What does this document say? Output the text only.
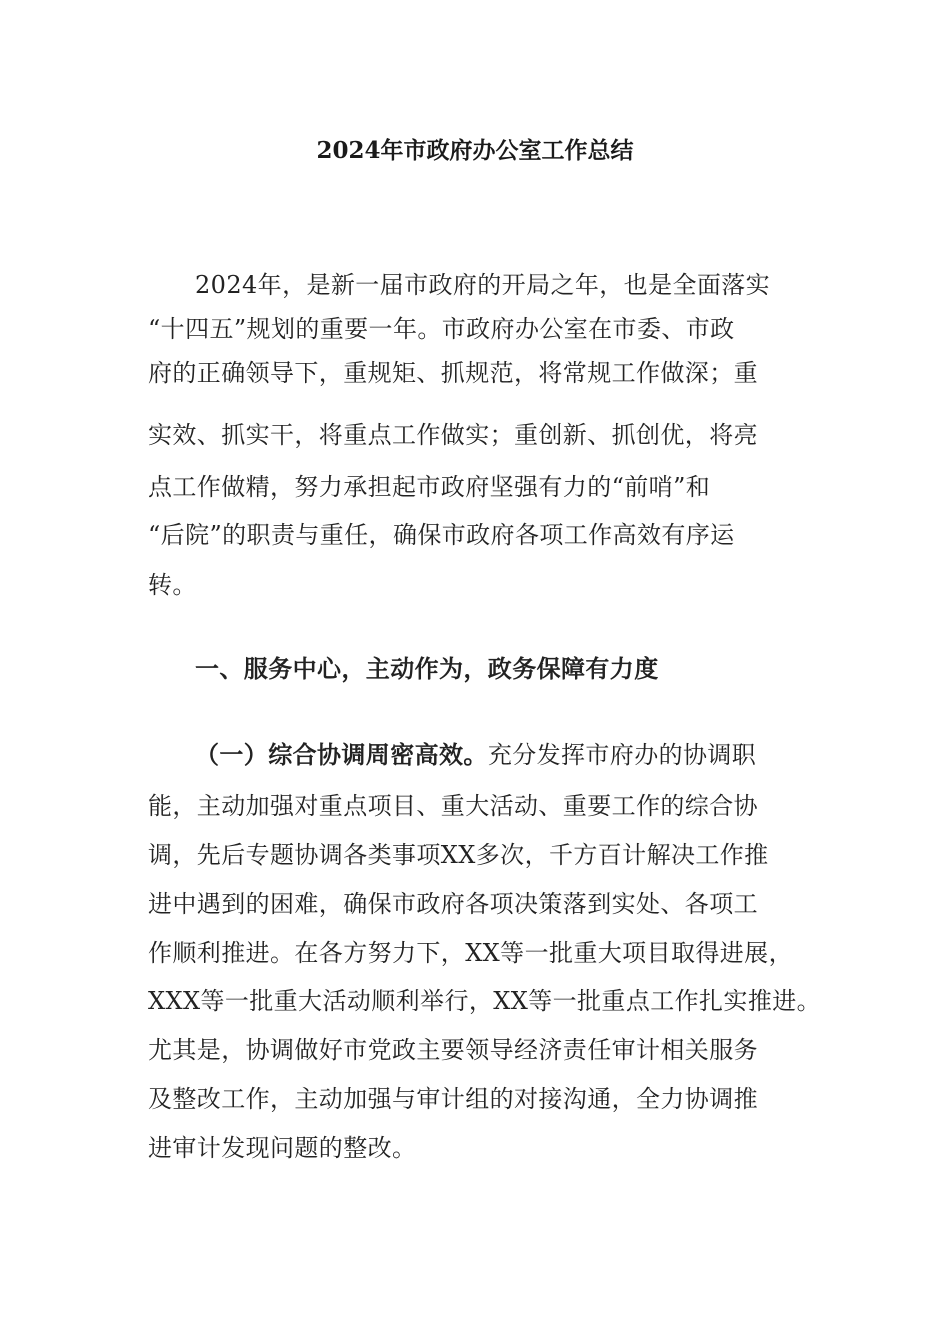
2024年市政府办公室工作总结
2024年，是新一届市政府的开局之年，也是全面落实
“十四五”规划的重要一年。市政府办公室在市委、市政
府的正确领导下，重规矩、抓规范，将常规工作做深；重
实效、抓实干，将重点工作做实；重创新、抓创优，将亮
点工作做精，努力承担起市政府坚强有力的“前哨”和
“后院”的职责与重任，确保市政府各项工作高效有序运
转。
一、服务中心，主动作为，政务保障有力度
（一）综合协调周密高效。充分发挥市府办的协调职
能，主动加强对重点项目、重大活动、重要工作的综合协
调，先后专题协调各类事项XX多次，千方百计解决工作推
进中遇到的困难，确保市政府各项决策落到实处、各项工
作顺利推进。在各方努力下，XX等一批重大项目取得进展，
XXX等一批重大活动顺利举行，XX等一批重点工作扎实推进。
尤其是，协调做好市党政主要领导经济责任审计相关服务
及整改工作，主动加强与审计组的对接沟通，全力协调推
进审计发现问题的整改。
